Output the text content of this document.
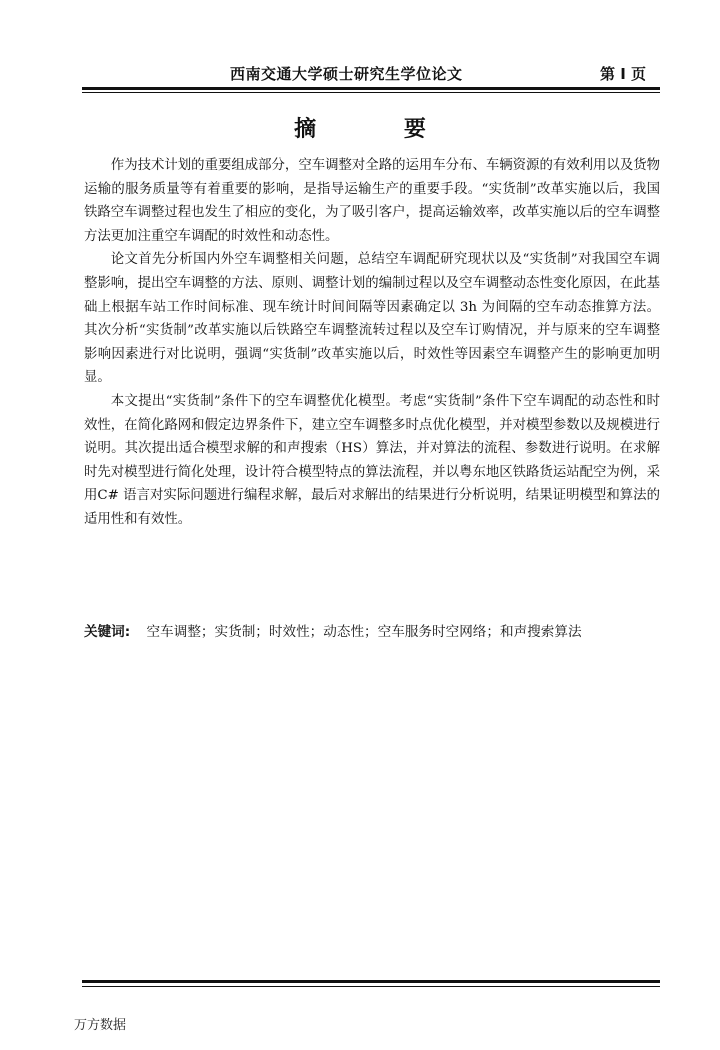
西南交通大学硕士研究生学位论文	第 I 页
摘 要

作为技术计划的重要组成部分，空车调整对全路的运用车分布、车辆资源的有效利用以及货物运输的服务质量等有着重要的影响，是指导运输生产的重要手段。“实货制”改革实施以后，我国铁路空车调整过程也发生了相应的变化，为了吸引客户，提高运输效率，改革实施以后的空车调整方法更加注重空车调配的时效性和动态性。

论文首先分析国内外空车调整相关问题，总结空车调配研究现状以及“实货制”对我国空车调整影响，提出空车调整的方法、原则、调整计划的编制过程以及空车调整动态性变化原因，在此基础上根据车站工作时间标准、现车统计时间间隔等因素确定以 3h 为间隔的空车动态推算方法。 其次分析“实货制”改革实施以后铁路空车调整流转过程以及空车订购情况，并与原来的空车调整影响因素进行对比说明，强调“实货制”改革实施以后，时效性等因素空车调整产生的影响更加明显。

本文提出“实货制”条件下的空车调整优化模型。考虑“实货制”条件下空车调配的动态性和时效性，在简化路网和假定边界条件下，建立空车调整多时点优化模型，并对模型参数以及规模进行说明。其次提出适合模型求解的和声搜索（HS）算法，并对算法的流程、参数进行说明。在求解时先对模型进行简化处理，设计符合模型特点的算法流程，并以粤东地区铁路货运站配空为例，采用C# 语言对实际问题进行编程求解，最后对求解出的结果进行分析说明，结果证明模型和算法的适用性和有效性。

关键词: 空车调整；实货制；时效性；动态性；空车服务时空网络；和声搜索算法
万方数据
